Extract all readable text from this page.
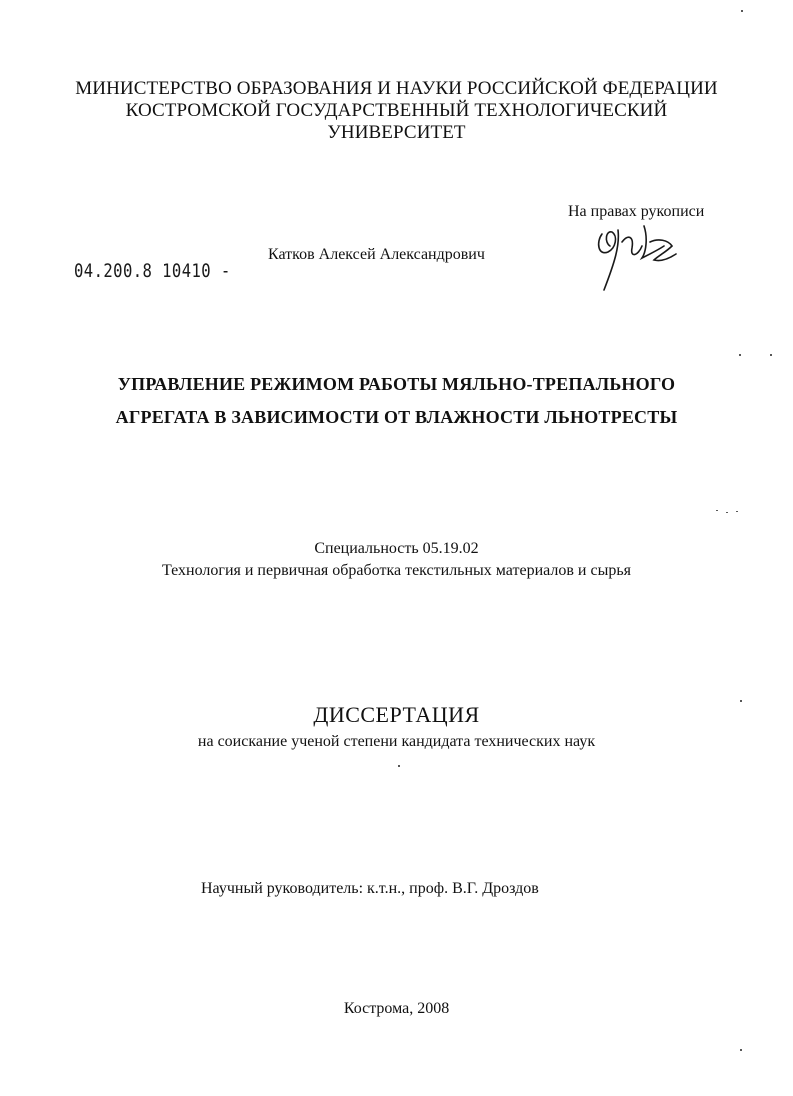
МИНИСТЕРСТВО ОБРАЗОВАНИЯ И НАУКИ РОССИЙСКОЙ ФЕДЕРАЦИИ
КОСТРОМСКОЙ ГОСУДАРСТВЕННЫЙ ТЕХНОЛОГИЧЕСКИЙ
УНИВЕРСИТЕТ
На правах рукописи
Катков Алексей Александрович
04.200.8 10410 -
УПРАВЛЕНИЕ РЕЖИМОМ РАБОТЫ МЯЛЬНО-ТРЕПАЛЬНОГО
АГРЕГАТА В ЗАВИСИМОСТИ ОТ ВЛАЖНОСТИ ЛЬНОТРЕСТЫ
Специальность 05.19.02
Технология и первичная обработка текстильных материалов и сырья
ДИССЕРТАЦИЯ
на соискание ученой степени кандидата технических наук
Научный руководитель: к.т.н., проф. В.Г. Дроздов
Кострома, 2008
